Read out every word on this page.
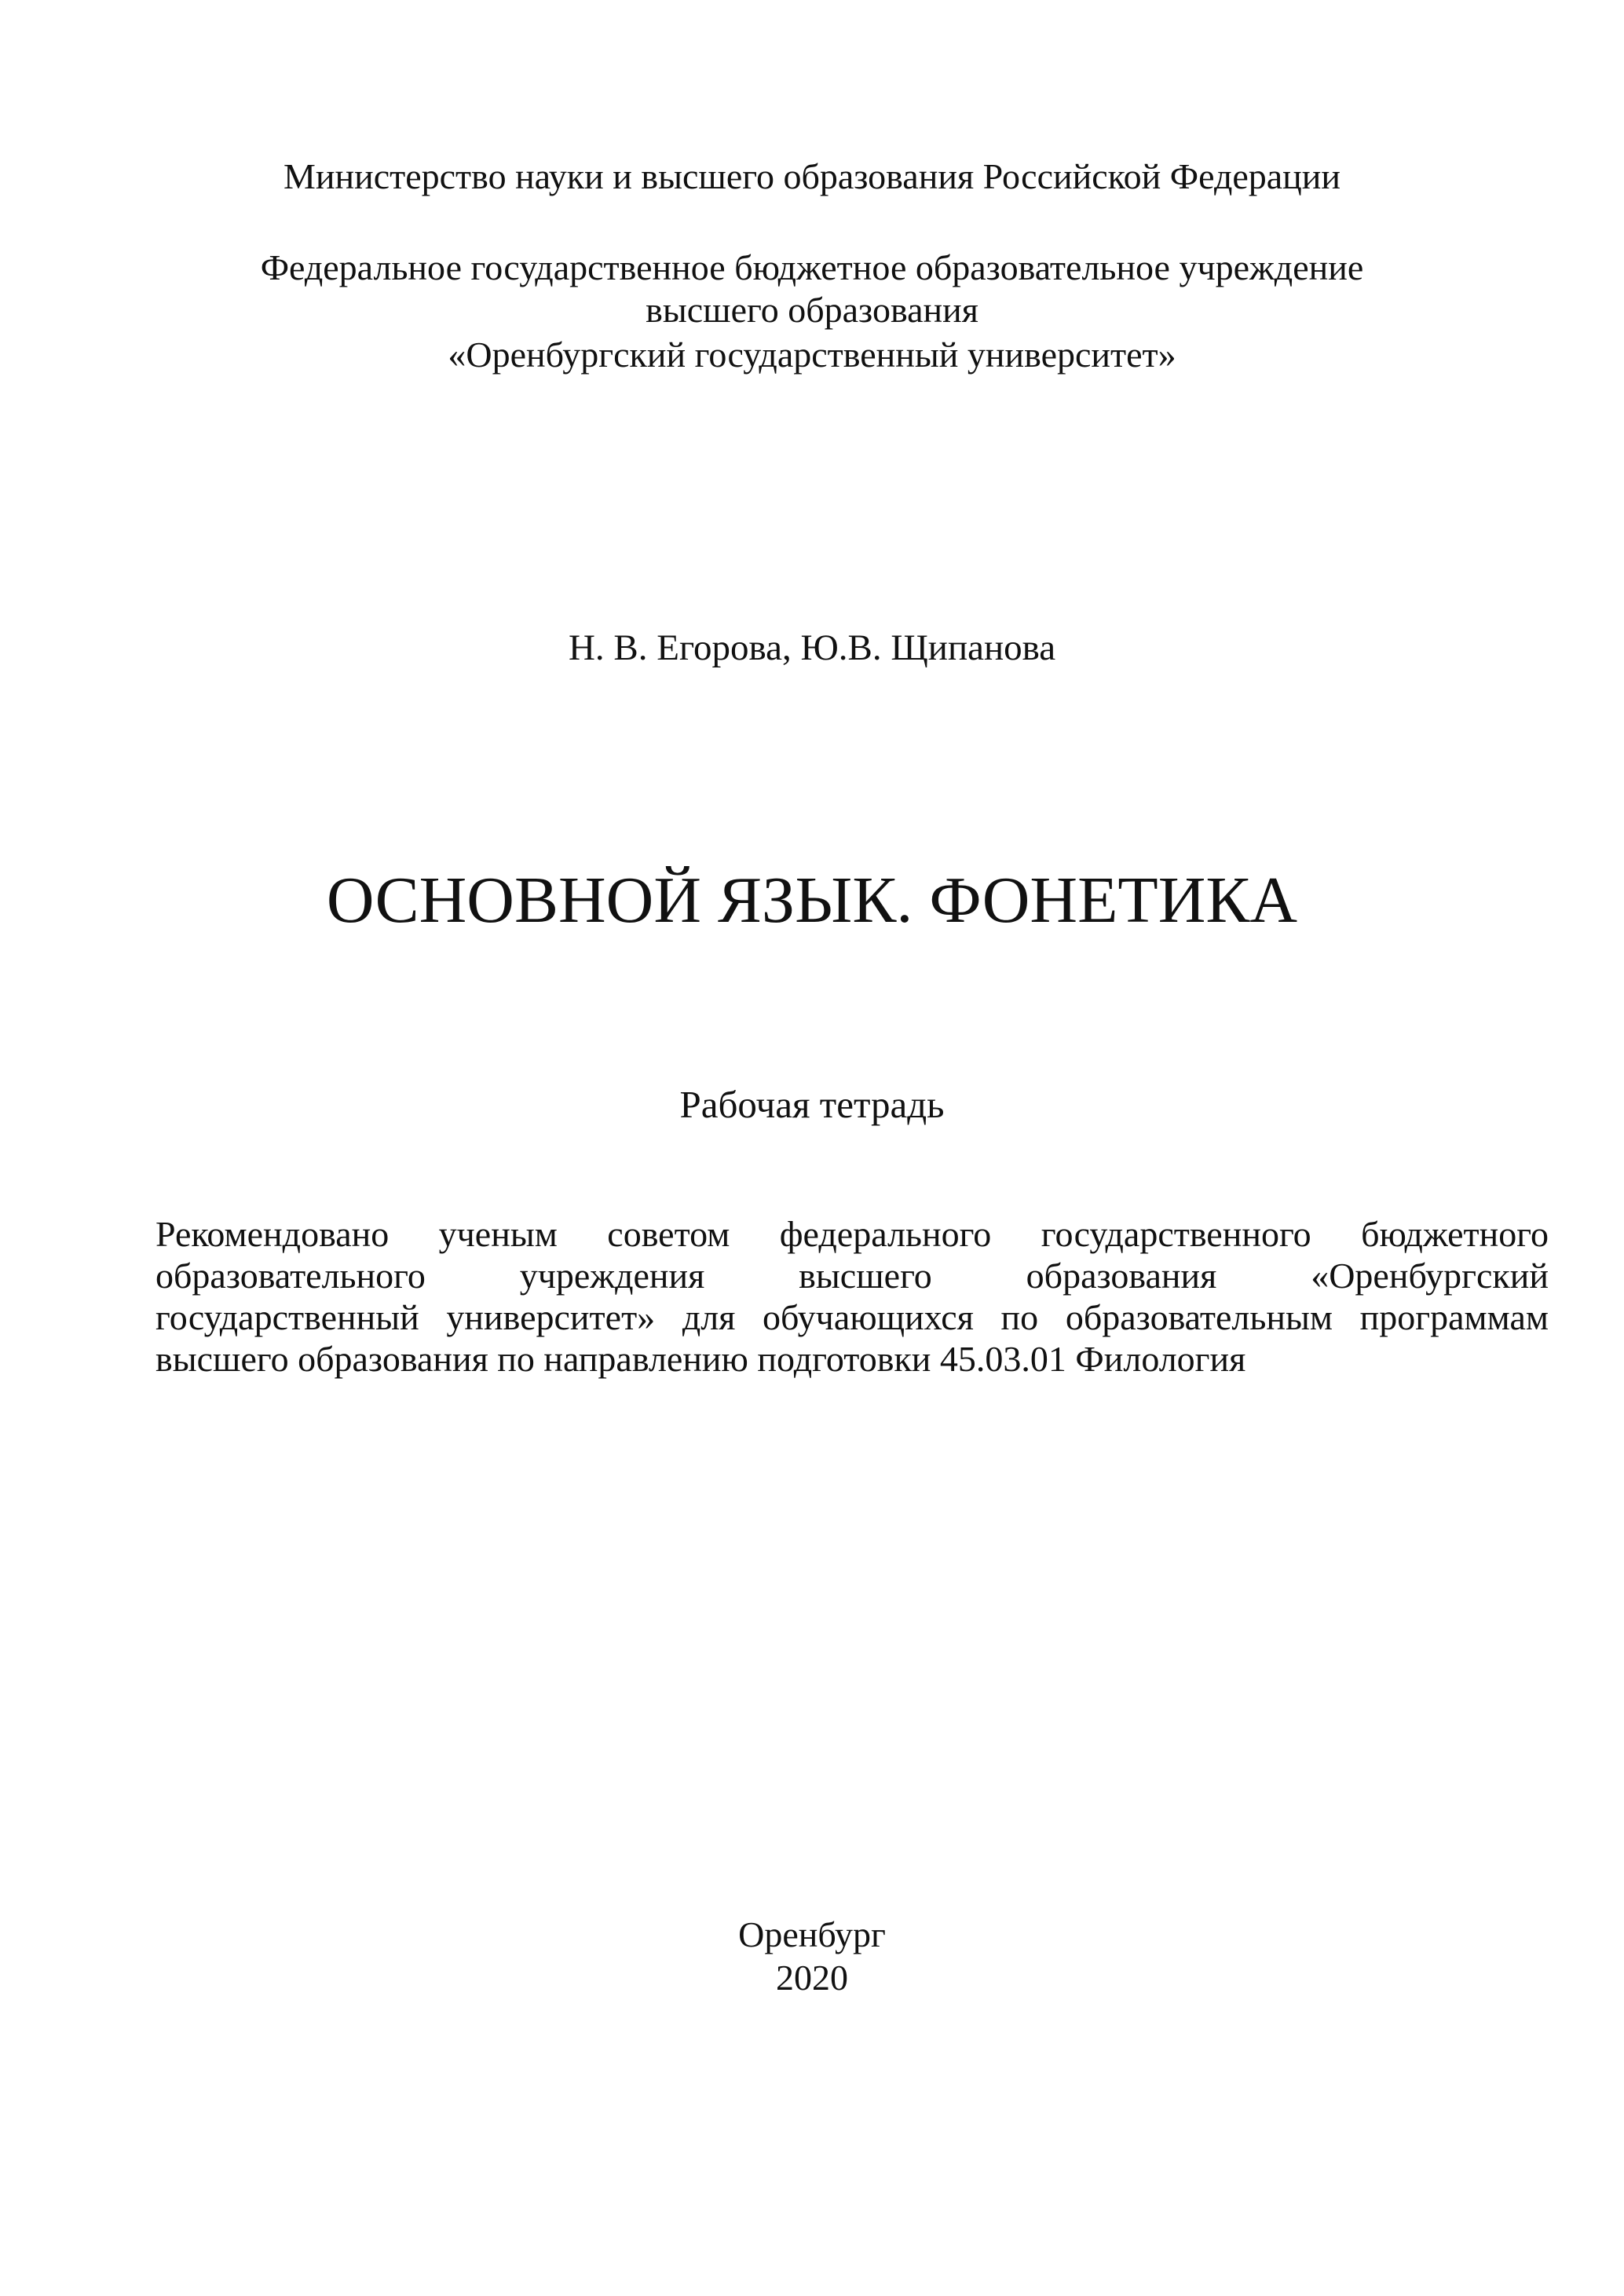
Министерство науки и высшего образования Российской Федерации
Федеральное государственное бюджетное образовательное учреждение
высшего образования
«Оренбургский государственный университет»
Н. В. Егорова, Ю.В. Щипанова
ОСНОВНОЙ ЯЗЫК. ФОНЕТИКА
Рабочая тетрадь
Рекомендовано ученым советом федерального государственного бюджетного
образовательного учреждения высшего образования «Оренбургский
государственный университет» для обучающихся по образовательным программам
высшего образования по направлению подготовки 45.03.01 Филология
Оренбург
2020
